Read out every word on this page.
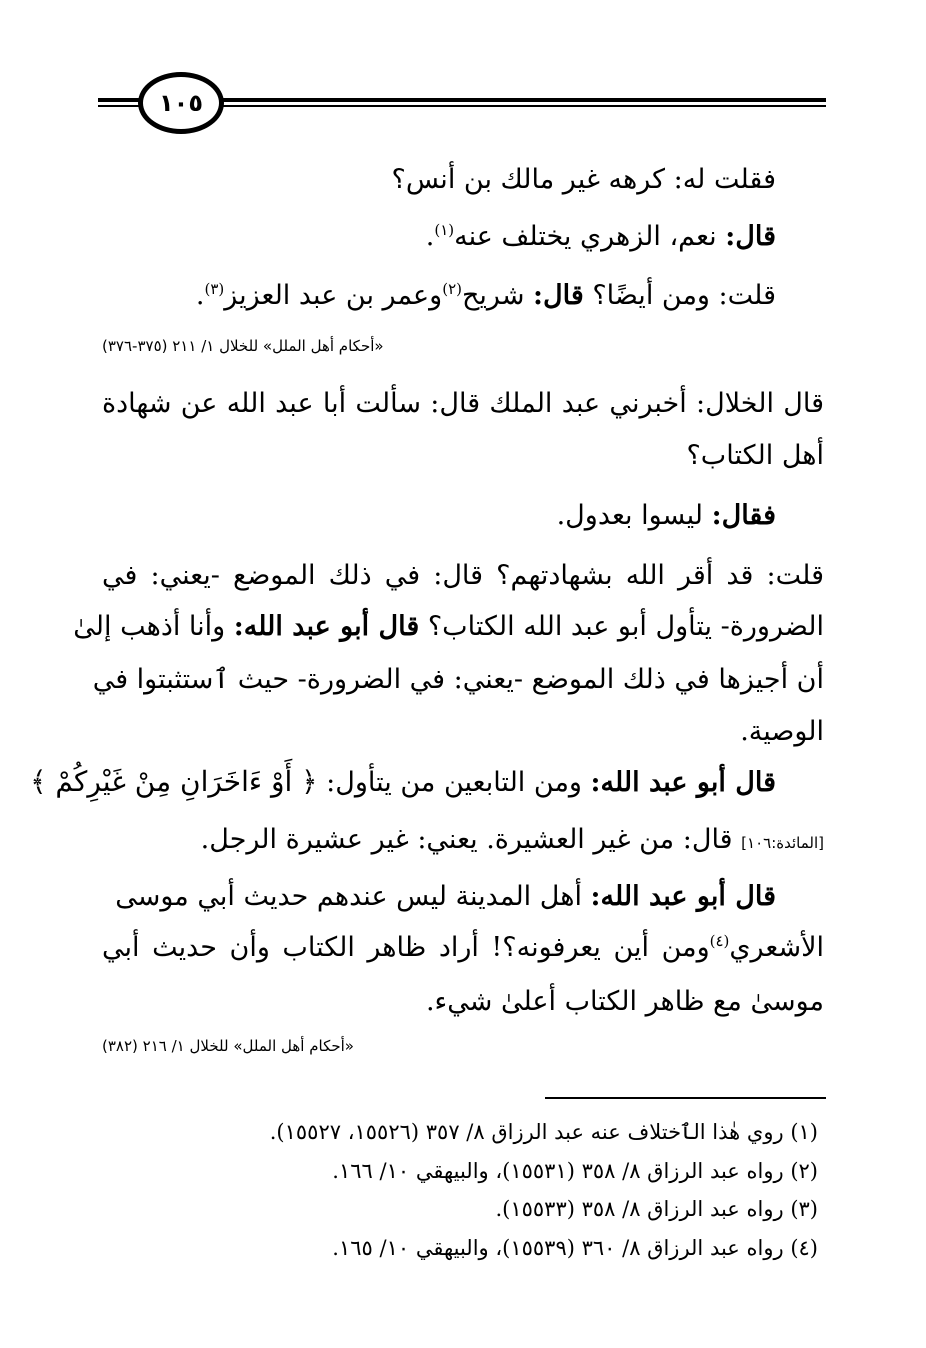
١٠٥
فقلت له: كرهه غير مالك بن أنس؟
قال: نعم، الزهري يختلف عنه$^{(١)}$.
قلت: ومن أيضًا؟ قال: شريح$^{(٢)}$وعمر بن عبد العزيز$^{(٣)}$.
«أحكام أهل الملل» للخلال ١/ ٢١١ (٣٧٥-٣٧٦)
قال الخلال: أخبرني عبد الملك قال: سألت أبا عبد الله عن شهادة
أهل الكتاب؟
فقال: ليسوا بعدول.
قلت: قد أقر الله بشهادتهم؟ قال: في ذلك الموضع -يعني: في
الضرورة- يتأول أبو عبد الله الكتاب؟ قال أبو عبد الله: وأنا أذهب إلىٰ
أن أجيزها في ذلك الموضع -يعني: في الضرورة- حيث ٱستثبتوا في
الوصية.
قال أبو عبد الله: ومن التابعين من يتأول: ﴿ أَوْ ءَاخَرَانِ مِنْ غَيْرِكُمْ ﴾
[المائدة:١٠٦] قال: من غير العشيرة. يعني: غير عشيرة الرجل.
قال أبو عبد الله: أهل المدينة ليس عندهم حديث أبي موسى
الأشعري$^{(٤)}$ومن أين يعرفونه؟! أراد ظاهر الكتاب وأن حديث أبي
موسىٰ مع ظاهر الكتاب أعلىٰ شيء.
«أحكام أهل الملل» للخلال ١/ ٢١٦ (٣٨٢)
(١) روي هٰذا الٱختلاف عنه عبد الرزاق ٨/ ٣٥٧ (١٥٥٢٦، ١٥٥٢٧).
(٢) رواه عبد الرزاق ٨/ ٣٥٨ (١٥٥٣١)، والبيهقي ١٠/ ١٦٦.
(٣) رواه عبد الرزاق ٨/ ٣٥٨ (١٥٥٣٣).
(٤) رواه عبد الرزاق ٨/ ٣٦٠ (١٥٥٣٩)، والبيهقي ١٠/ ١٦٥.
